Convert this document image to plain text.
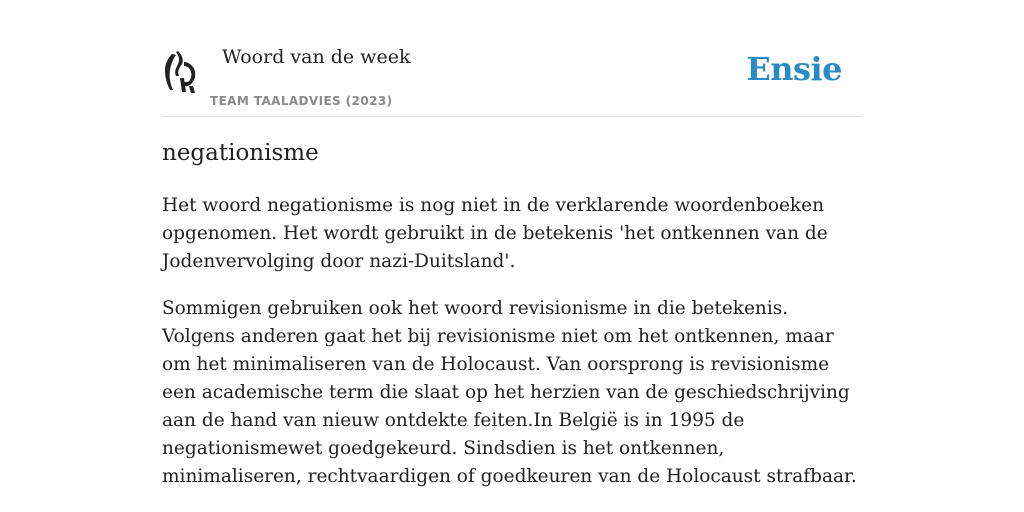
Woord van de week
TEAM TAALADVIES (2023)
Ensie
negationisme

Het woord negationisme is nog niet in de verklarende woordenboeken opgenomen. Het wordt gebruikt in de betekenis 'het ontkennen van de Jodenvervolging door nazi-Duitsland'.

Sommigen gebruiken ook het woord revisionisme in die betekenis. Volgens anderen gaat het bij revisionisme niet om het ontkennen, maar om het minimaliseren van de Holocaust. Van oorsprong is revisionisme een academische term die slaat op het herzien van de geschiedschrijving aan de hand van nieuw ontdekte feiten.In België is in 1995 de negationismewet goedgekeurd. Sindsdien is het ontkennen, minimaliseren, rechtvaardigen of goedkeuren van de Holocaust strafbaar.
